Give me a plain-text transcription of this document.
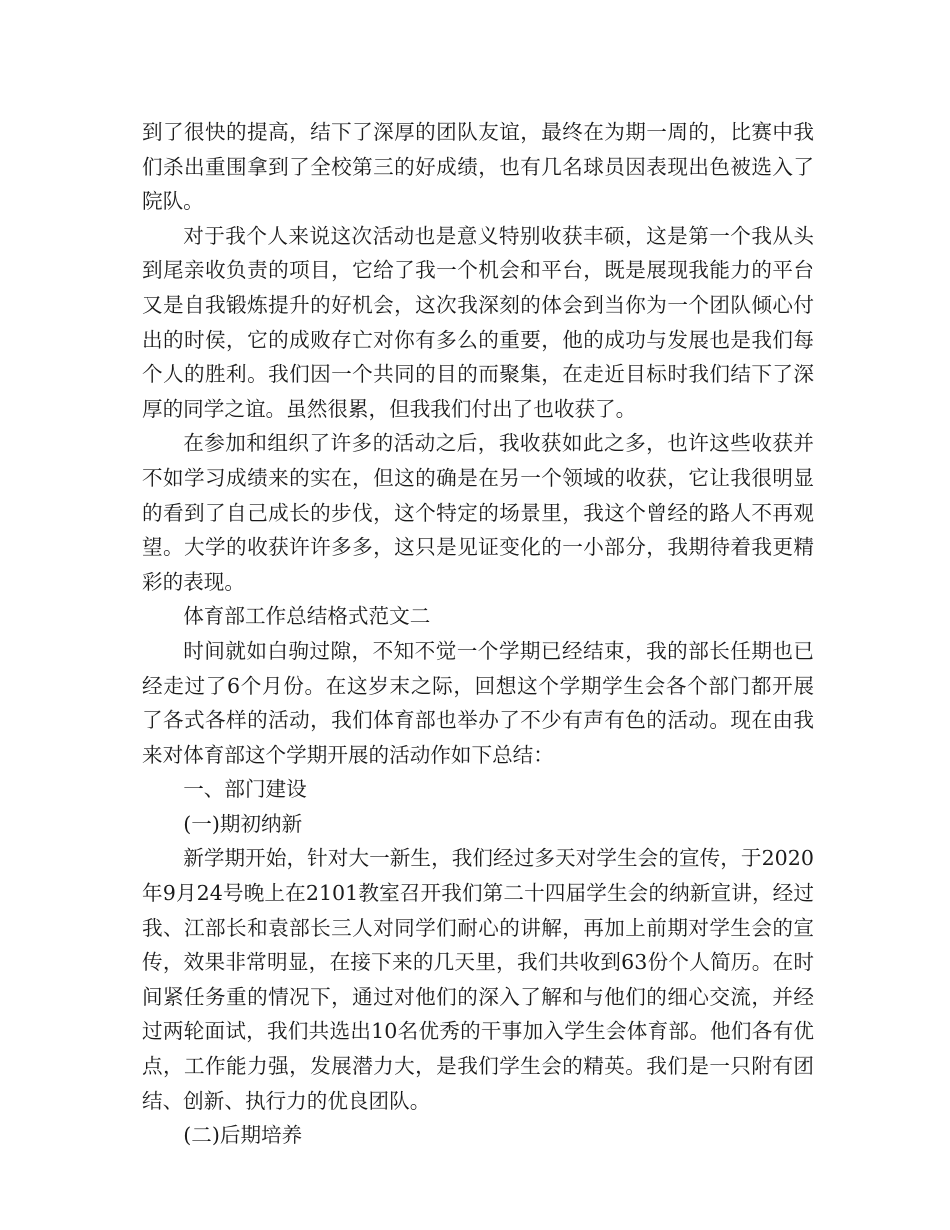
到了很快的提高，结下了深厚的团队友谊，最终在为期一周的，比赛中我们杀出重围拿到了全校第三的好成绩，也有几名球员因表现出色被选入了院队。

对于我个人来说这次活动也是意义特别收获丰硕，这是第一个我从头到尾亲收负责的项目，它给了我一个机会和平台，既是展现我能力的平台又是自我锻炼提升的好机会，这次我深刻的体会到当你为一个团队倾心付出的时侯，它的成败存亡对你有多么的重要，他的成功与发展也是我们每个人的胜利。我们因一个共同的目的而聚集，在走近目标时我们结下了深厚的同学之谊。虽然很累，但我我们付出了也收获了。

在参加和组织了许多的活动之后，我收获如此之多，也许这些收获并不如学习成绩来的实在，但这的确是在另一个领域的收获，它让我很明显的看到了自己成长的步伐，这个特定的场景里，我这个曾经的路人不再观望。大学的收获许许多多，这只是见证变化的一小部分，我期待着我更精彩的表现。

体育部工作总结格式范文二

时间就如白驹过隙，不知不觉一个学期已经结束，我的部长任期也已经走过了6个月份。在这岁末之际，回想这个学期学生会各个部门都开展了各式各样的活动，我们体育部也举办了不少有声有色的活动。现在由我来对体育部这个学期开展的活动作如下总结：

一、部门建设

(一)期初纳新

新学期开始，针对大一新生，我们经过多天对学生会的宣传，于2020年9月24号晚上在2101教室召开我们第二十四届学生会的纳新宣讲，经过我、江部长和袁部长三人对同学们耐心的讲解，再加上前期对学生会的宣传，效果非常明显，在接下来的几天里，我们共收到63份个人简历。在时间紧任务重的情况下，通过对他们的深入了解和与他们的细心交流，并经过两轮面试，我们共选出10名优秀的干事加入学生会体育部。他们各有优点，工作能力强，发展潜力大，是我们学生会的精英。我们是一只附有团结、创新、执行力的优良团队。

(二)后期培养
